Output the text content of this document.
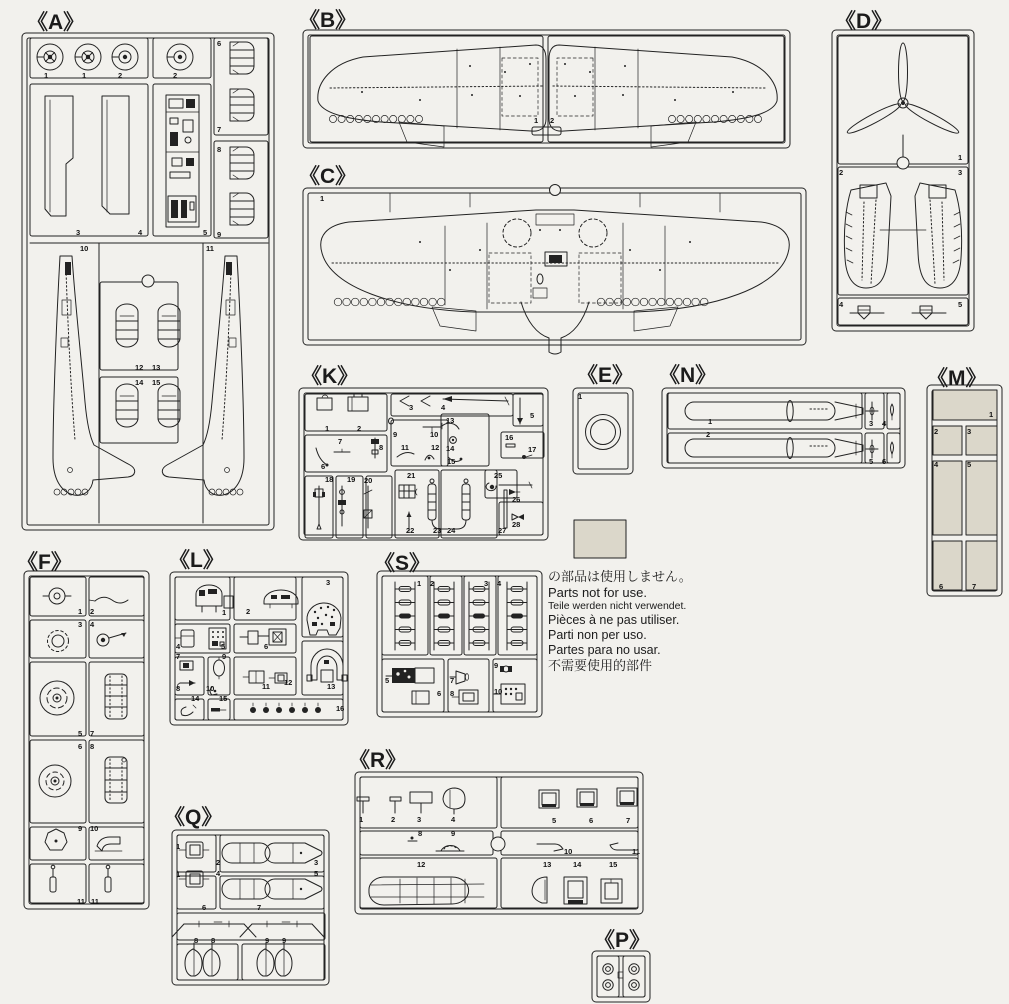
1	1	2	2
3	4	5
6
7
8
9
10	11
12 13
14 15
1 2
1
1
2	3
4	5
1
1	2
3	4
5
6
7
8
9	10
11	12
13
14
15
16
17
18 19 20
21
22 23 24
25
26
27
28
1
2
3 4
5 6
1
2	3
4	5
6	7
1 2
3 4
5 7
6 8
9 10
11 11
1	2
3
4	5	6
7
8
9
10	11 12	13
14	15
16
1 2	3 4
5
6
7
8
9
10
1
1
2	3
4	5
6	7
8 8	9 9
1	2	3	4	5	6	7
8	9
10	11
12	13	14	15
《A》	《B》
《C》
《D》
《K》	《E》 《N》	《M》
《F》	《L》	《S》
《Q》
《R》
《P》
の部品は使用しません。
Parts not for use.
Teile werden nicht verwendet.
Pièces à ne pas utiliser.
Parti non per uso.
Partes para no usar.
不需要使用的部件
